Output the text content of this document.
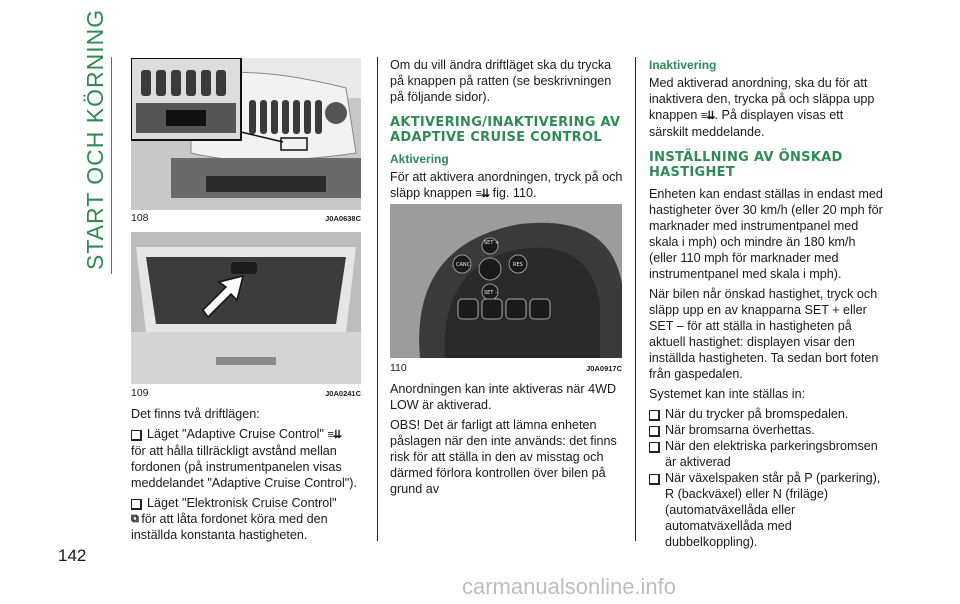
START OCH KÖRNING
142
108	J0A0638C
109	J0A0241C

Det finns två driftlägen:

Läget "Adaptive Cruise Control" ≡⇊

för att hålla tillräckligt avstånd mellan fordonen (på instrumentpanelen visas meddelandet "Adaptive Cruise Control").

Läget "Elektronisk Cruise Control"

⧉ för att låta fordonet köra med den inställda konstanta hastigheten.

Om du vill ändra driftläget ska du trycka på knappen på ratten (se beskrivningen på följande sidor).

AKTIVERING/INAKTIVERING AV ADAPTIVE CRUISE CONTROL
Aktivering

För att aktivera anordningen, tryck på och släpp knappen ≡⇊ fig. 110.

SET +
CANC	RES
SET –
110	J0A0917C

Anordningen kan inte aktiveras när 4WD LOW är aktiverad.

OBS! Det är farligt att lämna enheten påslagen när den inte används: det finns risk för att ställa in den av misstag och därmed förlora kontrollen över bilen på grund av

Inaktivering

Med aktiverad anordning, ska du för att inaktivera den, trycka på och släppa upp knappen ≡⇊. På displayen visas ett särskilt meddelande.

INSTÄLLNING AV ÖNSKAD HASTIGHET

Enheten kan endast ställas in endast med hastigheter över 30 km/h (eller 20 mph för marknader med instrumentpanel med skala i mph) och mindre än 180 km/h (eller 110 mph för marknader med instrumentpanel med skala i mph).

När bilen når önskad hastighet, tryck och släpp upp en av knapparna SET + eller SET – för att ställa in hastigheten på aktuell hastighet: displayen visar den inställda hastigheten. Ta sedan bort foten från gaspedalen.

Systemet kan inte ställas in:

När du trycker på bromspedalen.
När bromsarna överhettas.
När den elektriska parkeringsbromsen är aktiverad
När växelspaken står på P (parkering), R (backväxel) eller N (friläge) (automatväxellåda eller automatväxellåda med dubbelkoppling).
carmanualsonline.info
